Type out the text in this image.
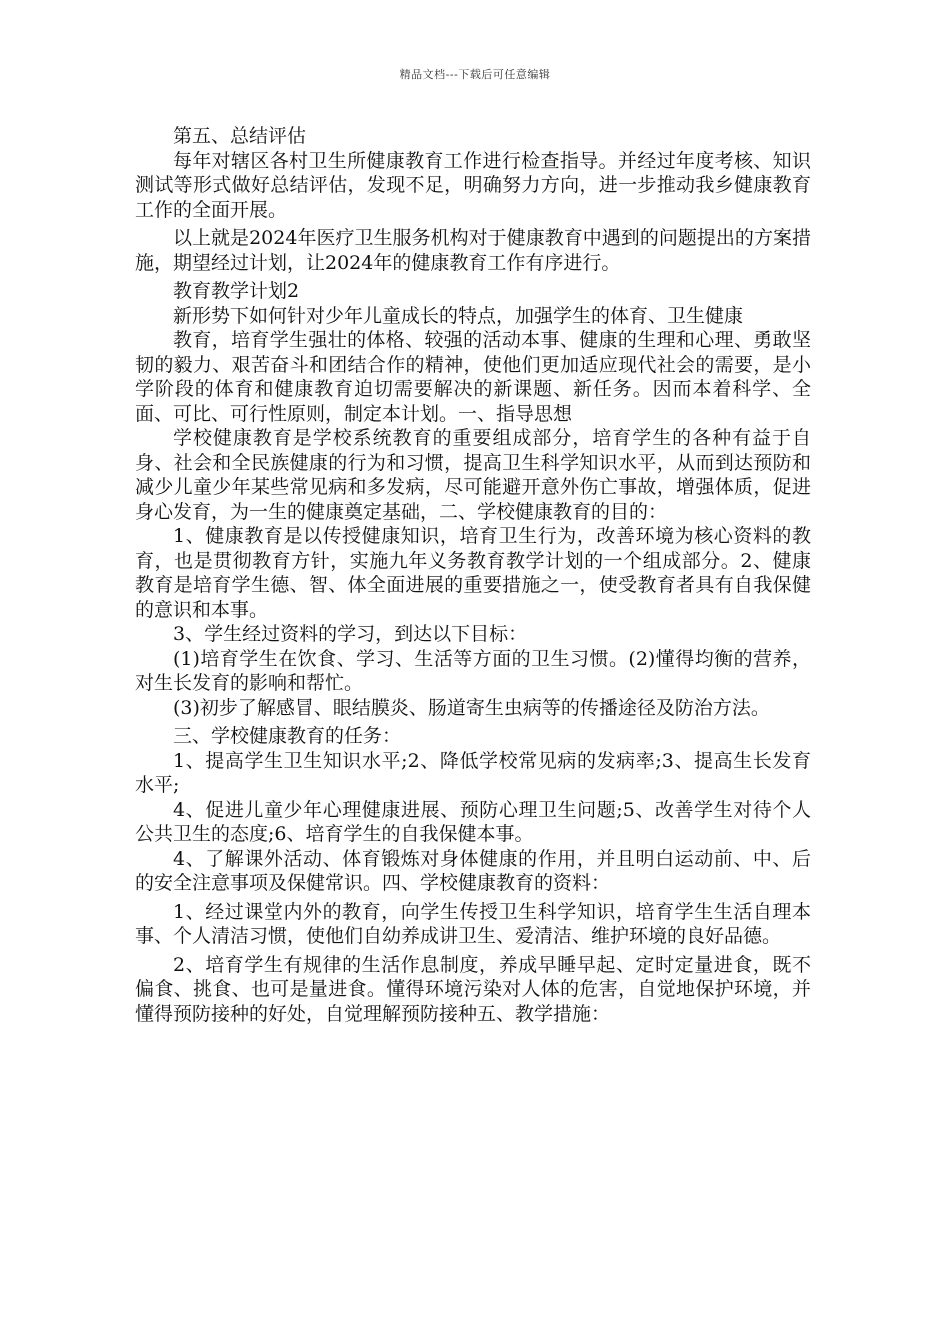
精品文档---下载后可任意编辑

第五、总结评估

每年对辖区各村卫生所健康教育工作进行检查指导。并经过年度考核、知识测试等形式做好总结评估，发现不足，明确努力方向，进一步推动我乡健康教育工作的全面开展。

以上就是2024年医疗卫生服务机构对于健康教育中遇到的问题提出的方案措施，期望经过计划，让2024年的健康教育工作有序进行。

教育教学计划2

新形势下如何针对少年儿童成长的特点，加强学生的体育、卫生健康

教育，培育学生强壮的体格、较强的活动本事、健康的生理和心理、勇敢坚韧的毅力、艰苦奋斗和团结合作的精神，使他们更加适应现代社会的需要，是小学阶段的体育和健康教育迫切需要解决的新课题、新任务。因而本着科学、全面、可比、可行性原则，制定本计划。一、指导思想

学校健康教育是学校系统教育的重要组成部分，培育学生的各种有益于自身、社会和全民族健康的行为和习惯，提高卫生科学知识水平，从而到达预防和减少儿童少年某些常见病和多发病，尽可能避开意外伤亡事故，增强体质，促进身心发育，为一生的健康奠定基础，二、学校健康教育的目的：

1、健康教育是以传授健康知识，培育卫生行为，改善环境为核心资料的教育，也是贯彻教育方针，实施九年义务教育教学计划的一个组成部分。2、健康教育是培育学生德、智、体全面进展的重要措施之一，使受教育者具有自我保健的意识和本事。

3、学生经过资料的学习，到达以下目标：

(1)培育学生在饮食、学习、生活等方面的卫生习惯。(2)懂得均衡的营养，对生长发育的影响和帮忙。

(3)初步了解感冒、眼结膜炎、肠道寄生虫病等的传播途径及防治方法。

三、学校健康教育的任务：

1、提高学生卫生知识水平;2、降低学校常见病的发病率;3、提高生长发育水平;

4、促进儿童少年心理健康进展、预防心理卫生问题;5、改善学生对待个人公共卫生的态度;6、培育学生的自我保健本事。

4、了解课外活动、体育锻炼对身体健康的作用，并且明白运动前、中、后的安全注意事项及保健常识。四、学校健康教育的资料：

1、经过课堂内外的教育，向学生传授卫生科学知识，培育学生生活自理本事、个人清洁习惯，使他们自幼养成讲卫生、爱清洁、维护环境的良好品德。

2、培育学生有规律的生活作息制度，养成早睡早起、定时定量进食，既不偏食、挑食、也可是量进食。懂得环境污染对人体的危害，自觉地保护环境，并懂得预防接种的好处，自觉理解预防接种五、教学措施：
